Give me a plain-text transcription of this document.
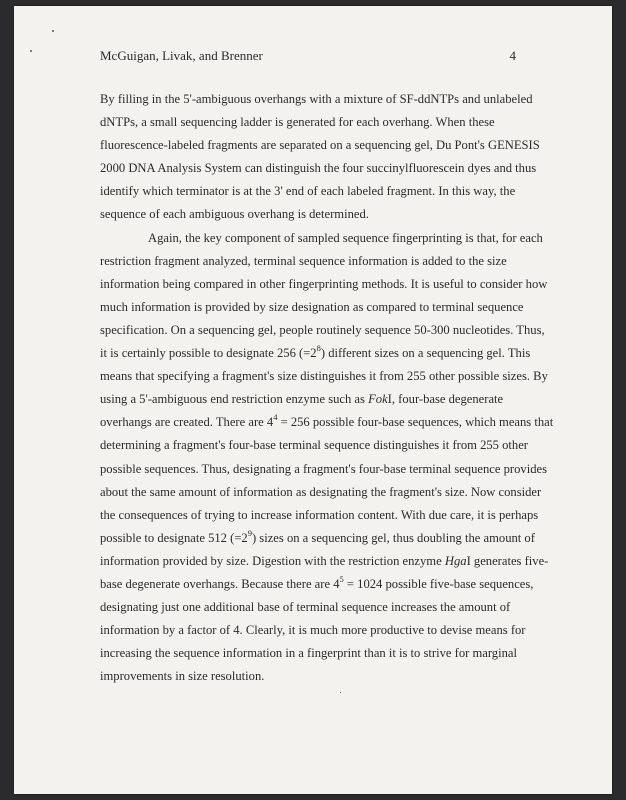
McGuigan, Livak, and Brenner	4
By filling in the 5'-ambiguous overhangs with a mixture of SF-ddNTPs and unlabeled
dNTPs, a small sequencing ladder is generated for each overhang. When these
fluorescence-labeled fragments are separated on a sequencing gel, Du Pont's GENESIS
2000 DNA Analysis System can distinguish the four succinylfluorescein dyes and thus
identify which terminator is at the 3' end of each labeled fragment. In this way, the
sequence of each ambiguous overhang is determined.
Again, the key component of sampled sequence fingerprinting is that, for each
restriction fragment analyzed, terminal sequence information is added to the size
information being compared in other fingerprinting methods. It is useful to consider how
much information is provided by size designation as compared to terminal sequence
specification. On a sequencing gel, people routinely sequence 50-300 nucleotides. Thus,
it is certainly possible to designate 256 $(=2^8)$ different sizes on a sequencing gel. This
means that specifying a fragment's size distinguishes it from 255 other possible sizes. By
using a 5'-ambiguous end restriction enzyme such as FokI, four-base degenerate
overhangs are created. There are $4^4 = 256$ possible four-base sequences, which means that
determining a fragment's four-base terminal sequence distinguishes it from 255 other
possible sequences. Thus, designating a fragment's four-base terminal sequence provides
about the same amount of information as designating the fragment's size. Now consider
the consequences of trying to increase information content. With due care, it is perhaps
possible to designate 512 $(=2^9)$ sizes on a sequencing gel, thus doubling the amount of
information provided by size. Digestion with the restriction enzyme HgaI generates five-
base degenerate overhangs. Because there are $4^5 = 1024$ possible five-base sequences,
designating just one additional base of terminal sequence increases the amount of
information by a factor of 4. Clearly, it is much more productive to devise means for
increasing the sequence information in a fingerprint than it is to strive for marginal
improvements in size resolution.
